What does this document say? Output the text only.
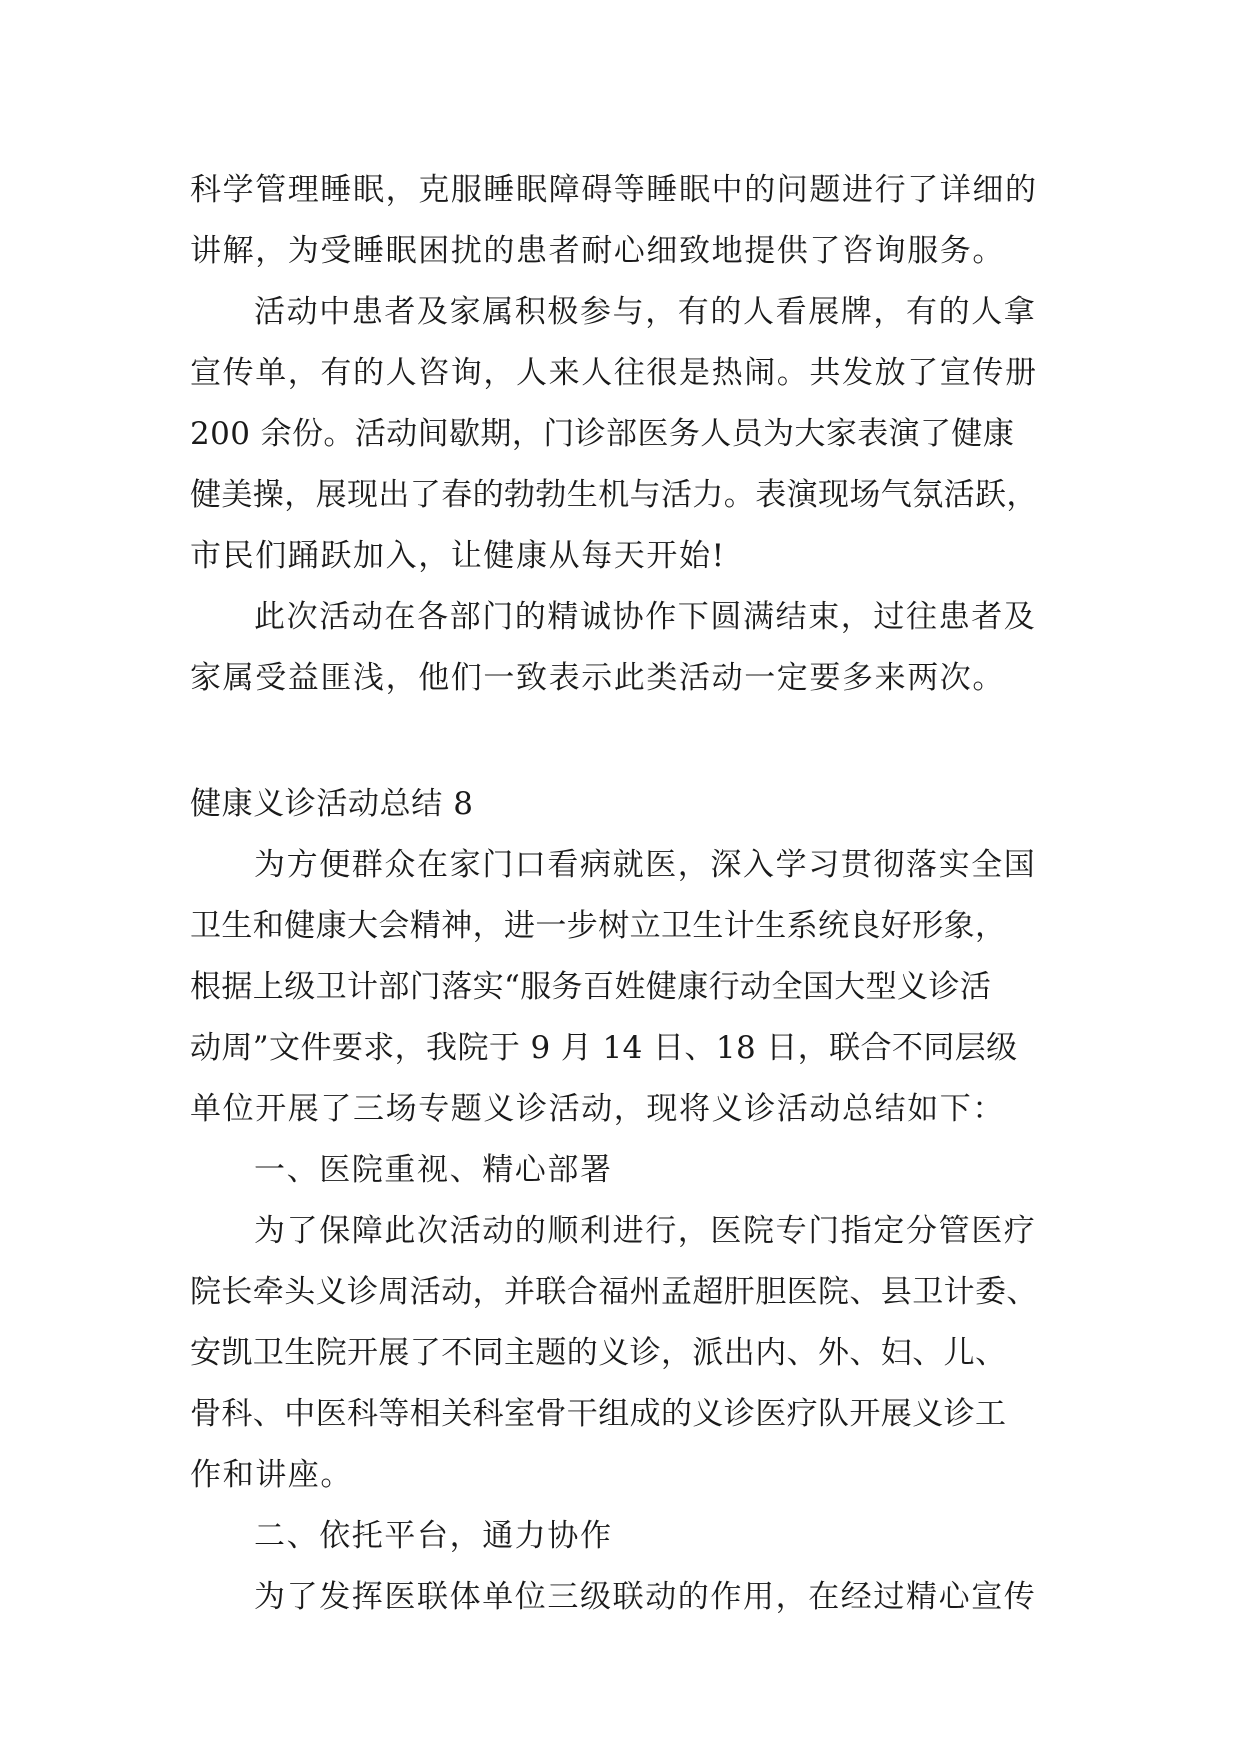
科学管理睡眠，克服睡眠障碍等睡眠中的问题进行了详细的
讲解，为受睡眠困扰的患者耐心细致地提供了咨询服务。
活动中患者及家属积极参与，有的人看展牌，有的人拿
宣传单，有的人咨询，人来人往很是热闹。共发放了宣传册
200 余份。活动间歇期，门诊部医务人员为大家表演了健康
健美操，展现出了春的勃勃生机与活力。表演现场气氛活跃，
市民们踊跃加入，让健康从每天开始!
此次活动在各部门的精诚协作下圆满结束，过往患者及
家属受益匪浅，他们一致表示此类活动一定要多来两次。
健康义诊活动总结 8
为方便群众在家门口看病就医，深入学习贯彻落实全国
卫生和健康大会精神，进一步树立卫生计生系统良好形象，
根据上级卫计部门落实“服务百姓健康行动全国大型义诊活
动周”文件要求，我院于 9 月 14 日、18 日，联合不同层级
单位开展了三场专题义诊活动，现将义诊活动总结如下：
一、医院重视、精心部署
为了保障此次活动的顺利进行，医院专门指定分管医疗
院长牵头义诊周活动，并联合福州孟超肝胆医院、县卫计委、
安凯卫生院开展了不同主题的义诊，派出内、外、妇、儿、
骨科、中医科等相关科室骨干组成的义诊医疗队开展义诊工
作和讲座。
二、依托平台，通力协作
为了发挥医联体单位三级联动的作用，在经过精心宣传
